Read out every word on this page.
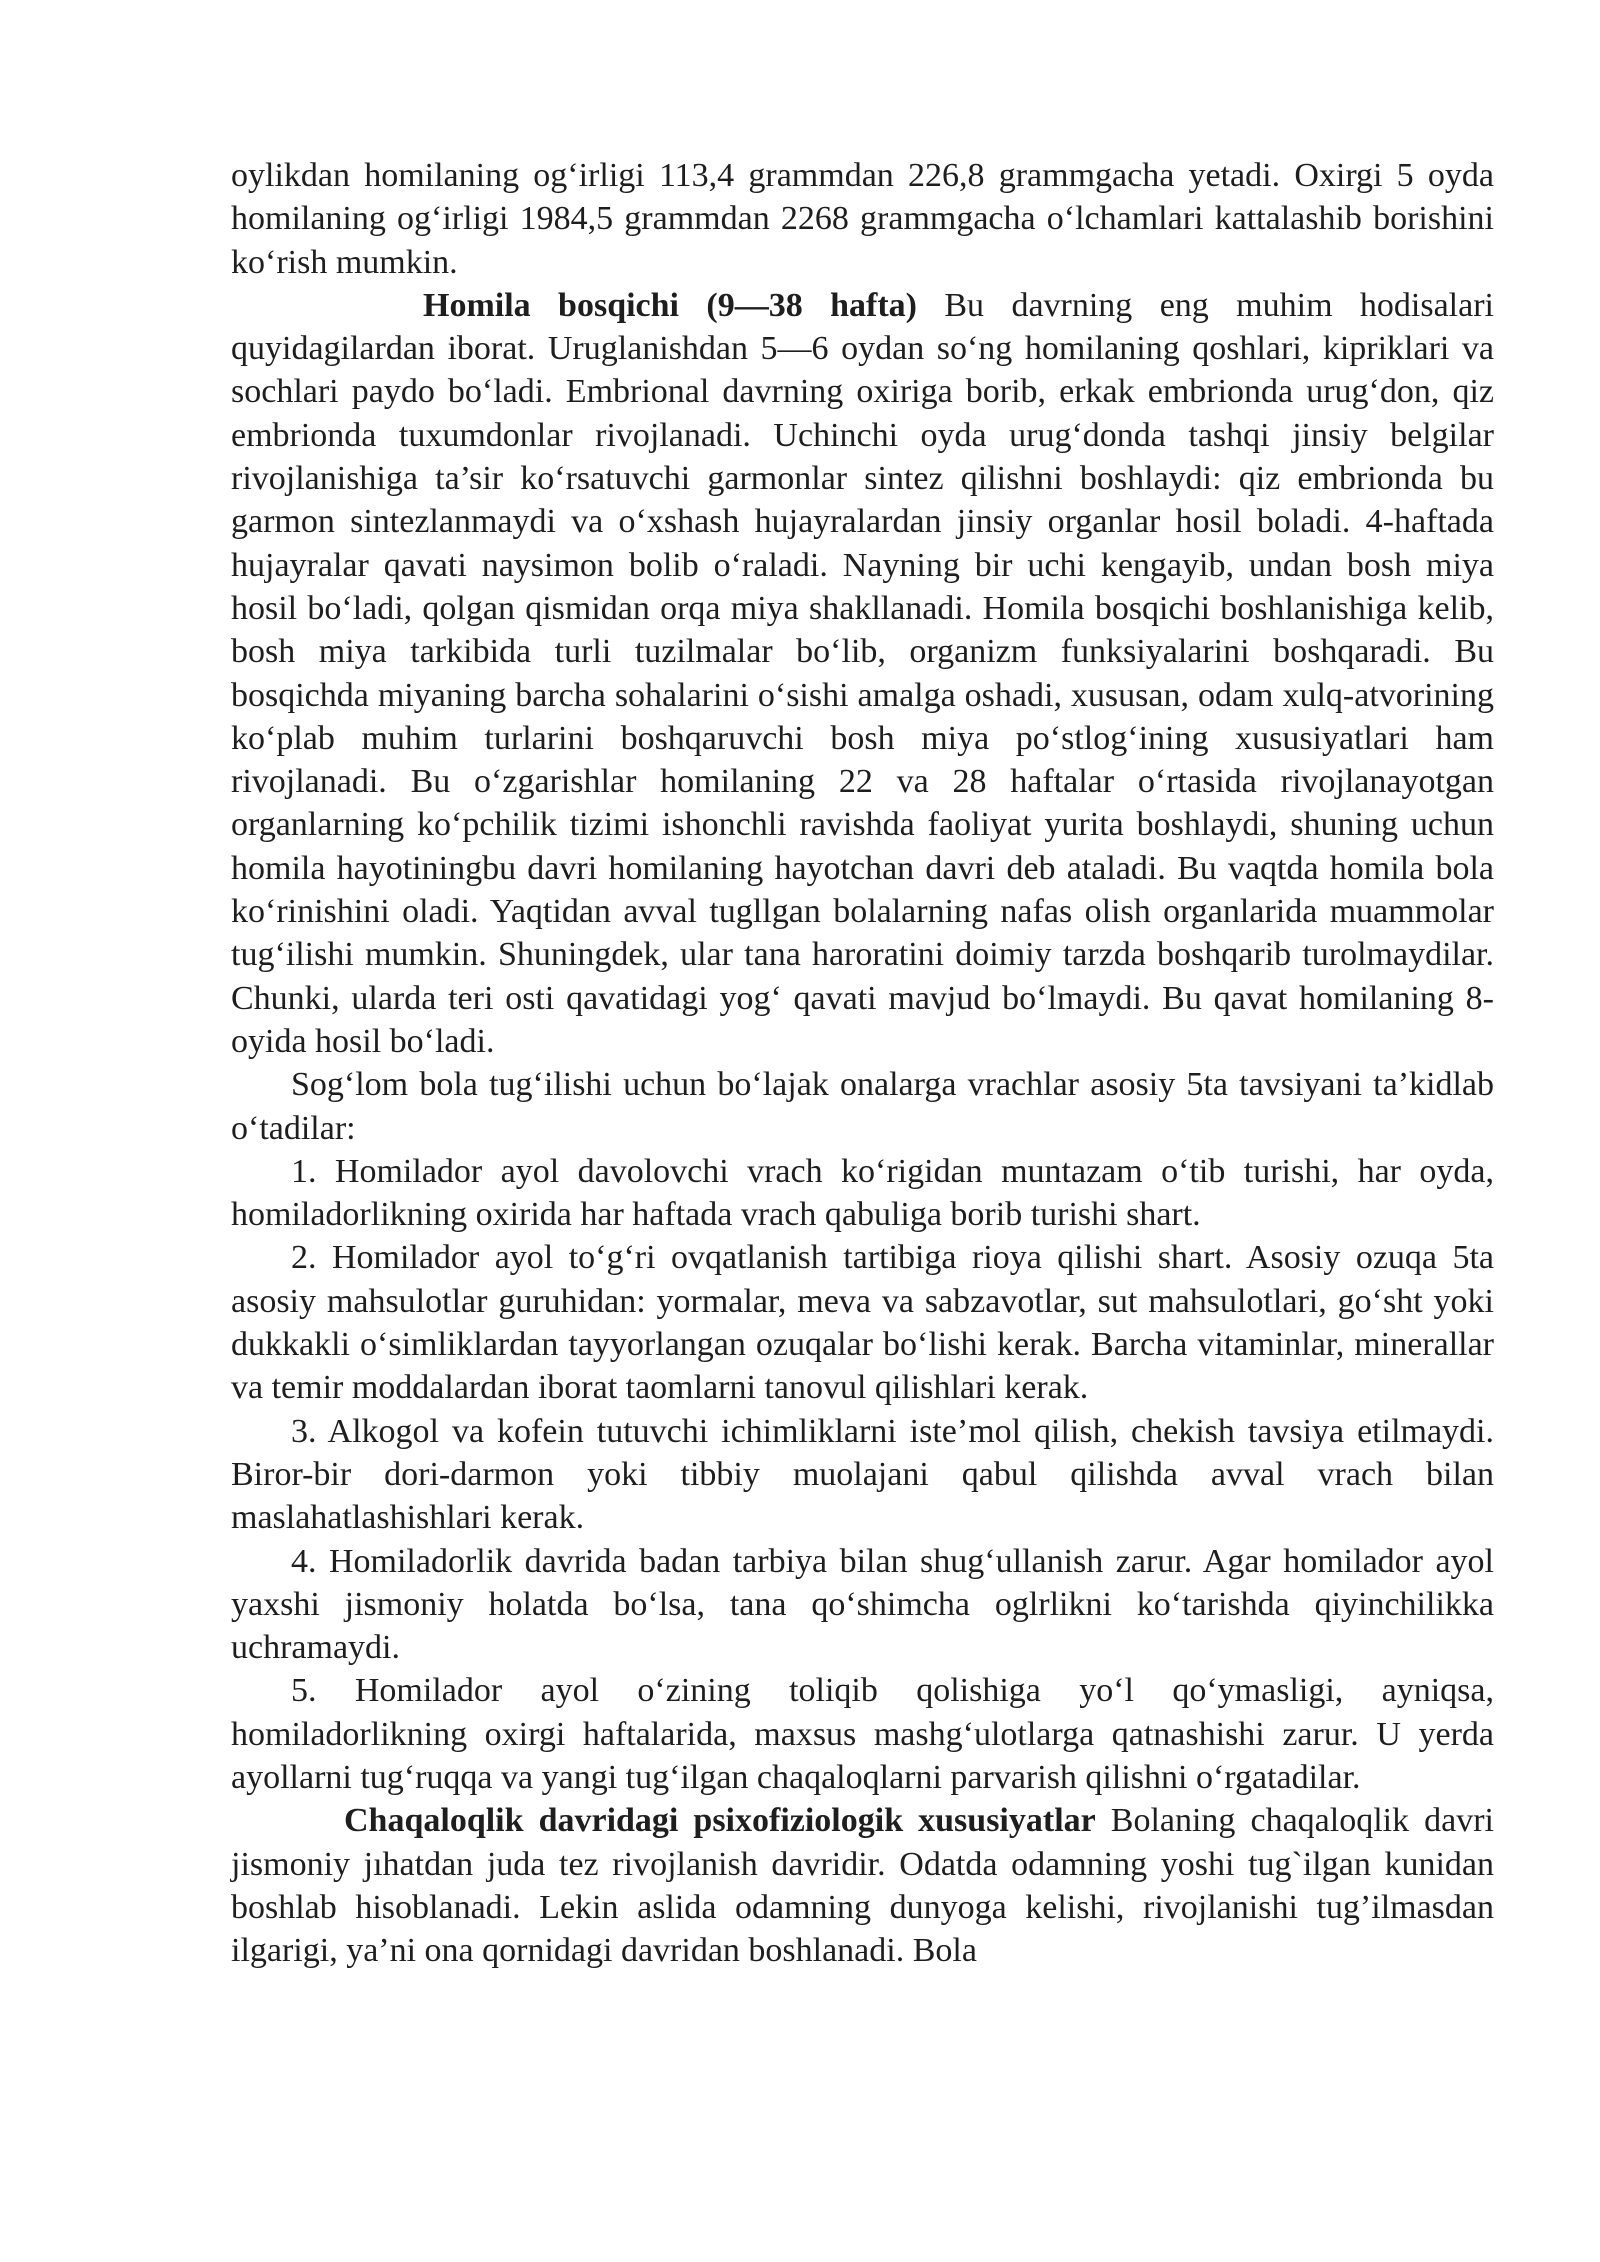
oylikdan homilaning og‘irligi 113,4 grammdan 226,8 grammgacha yetadi. Oxirgi 5 oyda homilaning og‘irligi 1984,5 grammdan 2268 grammgacha o‘lchamlari kattalashib borishini ko‘rish mumkin.

Homila bosqichi (9—38 hafta) Bu davrning eng muhim hodisalari quyidagilardan iborat. Uruglanishdan 5—6 oydan so‘ng homilaning qoshlari, kipriklari va sochlari paydo bo‘ladi. Embrional davrning oxiriga borib, erkak embrionda urug‘don, qiz embrionda tuxumdonlar rivojlanadi. Uchinchi oyda urug‘donda tashqi jinsiy belgilar rivojlanishiga ta’sir ko‘rsatuvchi garmonlar sintez qilishni boshlaydi: qiz embrionda bu garmon sintezlanmaydi va o‘xshash hujayralardan jinsiy organlar hosil boladi. 4-haftada hujayralar qavati naysimon bolib o‘raladi. Nayning bir uchi kengayib, undan bosh miya hosil bo‘ladi, qolgan qismidan orqa miya shakllanadi. Homila bosqichi boshlanishiga kelib, bosh miya tarkibida turli tuzilmalar bo‘lib, organizm funksiyalarini boshqaradi. Bu bosqichda miyaning barcha sohalarini o‘sishi amalga oshadi, xususan, odam xulq-atvorining ko‘plab muhim turlarini boshqaruvchi bosh miya po‘stlog‘ining xususiyatlari ham rivojlanadi. Bu o‘zgarishlar homilaning 22 va 28 haftalar o‘rtasida rivojlanayotgan organlarning ko‘pchilik tizimi ishonchli ravishda faoliyat yurita boshlaydi, shuning uchun homila hayotiningbu davri homilaning hayotchan davri deb ataladi. Bu vaqtda homila bola ko‘rinishini oladi. Yaqtidan avval tugllgan bolalarning nafas olish organlarida muammolar tug‘ilishi mumkin. Shuningdek, ular tana haroratini doimiy tarzda boshqarib turolmaydilar. Chunki, ularda teri osti qavatidagi yog‘ qavati mavjud bo‘lmaydi. Bu qavat homilaning 8-oyida hosil bo‘ladi.

Sog‘lom bola tug‘ilishi uchun bo‘lajak onalarga vrachlar asosiy 5ta tavsiyani ta’kidlab o‘tadilar:

1. Homilador ayol davolovchi vrach ko‘rigidan muntazam o‘tib turishi, har oyda, homiladorlikning oxirida har haftada vrach qabuliga borib turishi shart.

2. Homilador ayol to‘g‘ri ovqatlanish tartibiga rioya qilishi shart. Asosiy ozuqa 5ta asosiy mahsulotlar guruhidan: yormalar, meva va sabzavotlar, sut mahsulotlari, go‘sht yoki dukkakli o‘simliklardan tayyorlangan ozuqalar bo‘lishi kerak. Barcha vitaminlar, minerallar va temir moddalardan iborat taomlarni tanovul qilishlari kerak.

3. Alkogol va kofein tutuvchi ichimliklarni iste’mol qilish, chekish tavsiya etilmaydi. Biror-bir dori-darmon yoki tibbiy muolajani qabul qilishda avval vrach bilan maslahatlashishlari kerak.

4. Homiladorlik davrida badan tarbiya bilan shug‘ullanish zarur. Agar homilador ayol yaxshi jismoniy holatda bo‘lsa, tana qo‘shimcha oglrlikni ko‘tarishda qiyinchilikka uchramaydi.

5. Homilador ayol o‘zining toliqib qolishiga yo‘l qo‘ymasligi, ayniqsa, homiladorlikning oxirgi haftalarida, maxsus mashg‘ulotlarga qatnashishi zarur. U yerda ayollarni tug‘ruqqa va yangi tug‘ilgan chaqaloqlarni parvarish qilishni o‘rgatadilar.

Chaqaloqlik davridagi psixofiziologik xususiyatlar Bolaning chaqaloqlik davri jismoniy jıhatdan juda tez rivojlanish davridir. Odatda odamning yoshi tug`ilgan kunidan boshlab hisoblanadi. Lekin aslida odamning dunyoga kelishi, rivojlanishi tug’ilmasdan ilgarigi, ya’ni ona qornidagi davridan boshlanadi. Bola
